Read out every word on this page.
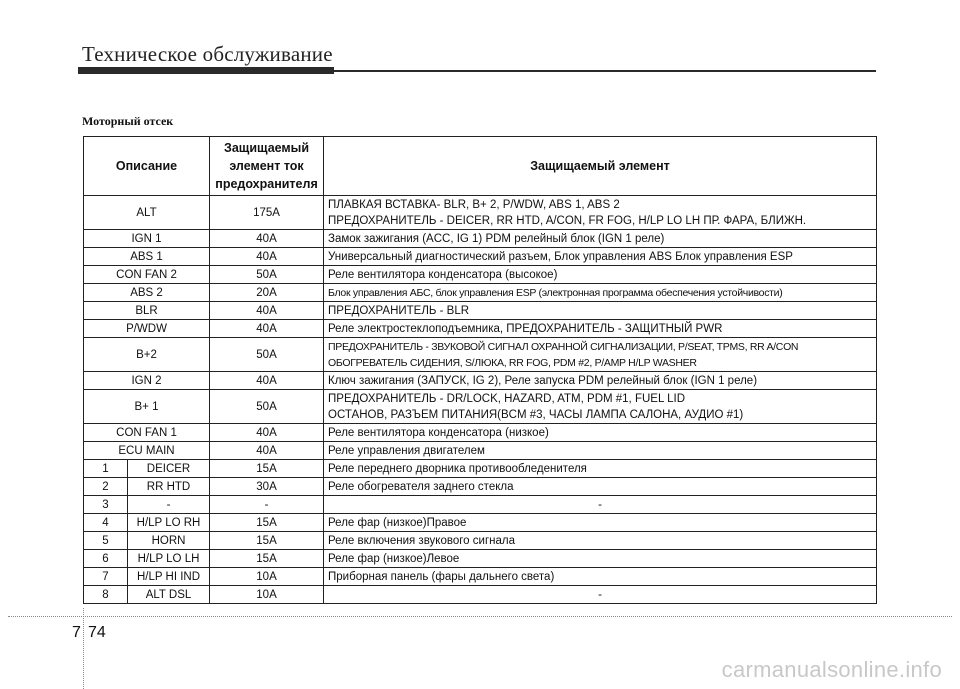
Техническое обслуживание
Моторный отсек
Описание		Защищаемый элемент ток предохранителя	Защищаемый элемент
ALT		175A	ПЛАВКАЯ ВСТАВКА- BLR, B+ 2, P/WDW, ABS 1, ABS 2
ПРЕДОХРАНИТЕЛЬ - DEICER, RR HTD, A/CON, FR FOG, H/LP LO LH ПР. ФАРА, БЛИЖН.

IGN 1		40A	Замок зажигания (ACC, IG 1) PDM релейный блок (IGN 1 реле)

ABS 1		40A	Универсальный диагностический разъем, Блок управления ABS Блок управления ESP

CON FAN 2		50A	Реле вентилятора конденсатора (высокое)

ABS 2		20A	Блок управления АБС, блок управления ESP (электронная программа обеспечения устойчивости)

BLR		40A	ПРЕДОХРАНИТЕЛЬ - BLR

P/WDW		40A	Реле электростеклоподъемника, ПРЕДОХРАНИТЕЛЬ - ЗАЩИТНЫЙ PWR

B+2		50A	ПРЕДОХРАНИТЕЛЬ - ЗВУКОВОЙ СИГНАЛ ОХРАННОЙ СИГНАЛИЗАЦИИ, P/SEAT, TPMS, RR A/CON
ОБОГРЕВАТЕЛЬ СИДЕНИЯ, S/ЛЮКА, RR FOG, PDM #2, P/AMP H/LP WASHER

IGN 2		40A	Ключ зажигания (ЗАПУСК, IG 2), Реле запуска PDM релейный блок (IGN 1 реле)

B+ 1		50A	ПРЕДОХРАНИТЕЛЬ - DR/LOCK, HAZARD, ATM, PDM #1, FUEL LID
ОСТАНОВ, РАЗЪЕМ ПИТАНИЯ(BCM #3, ЧАСЫ ЛАМПА САЛОНА, АУДИО #1)

CON FAN 1		40A	Реле вентилятора конденсатора (низкое)

ECU MAIN		40A	Реле управления двигателем

1	DEICER	15A	Реле переднего дворника противообледенителя

2	RR HTD	30A	Реле обогревателя заднего стекла

3	-	-	-

4	H/LP LO RH	15A	Реле фар (низкое)Правое

5	HORN	15A	Реле включения звукового сигнала

6	H/LP LO LH	15A	Реле фар (низкое)Левое

7	H/LP HI IND	10A	Приборная панель (фары дальнего света)

8	ALT DSL	10A	-
7 74
carmanualsonline.info
